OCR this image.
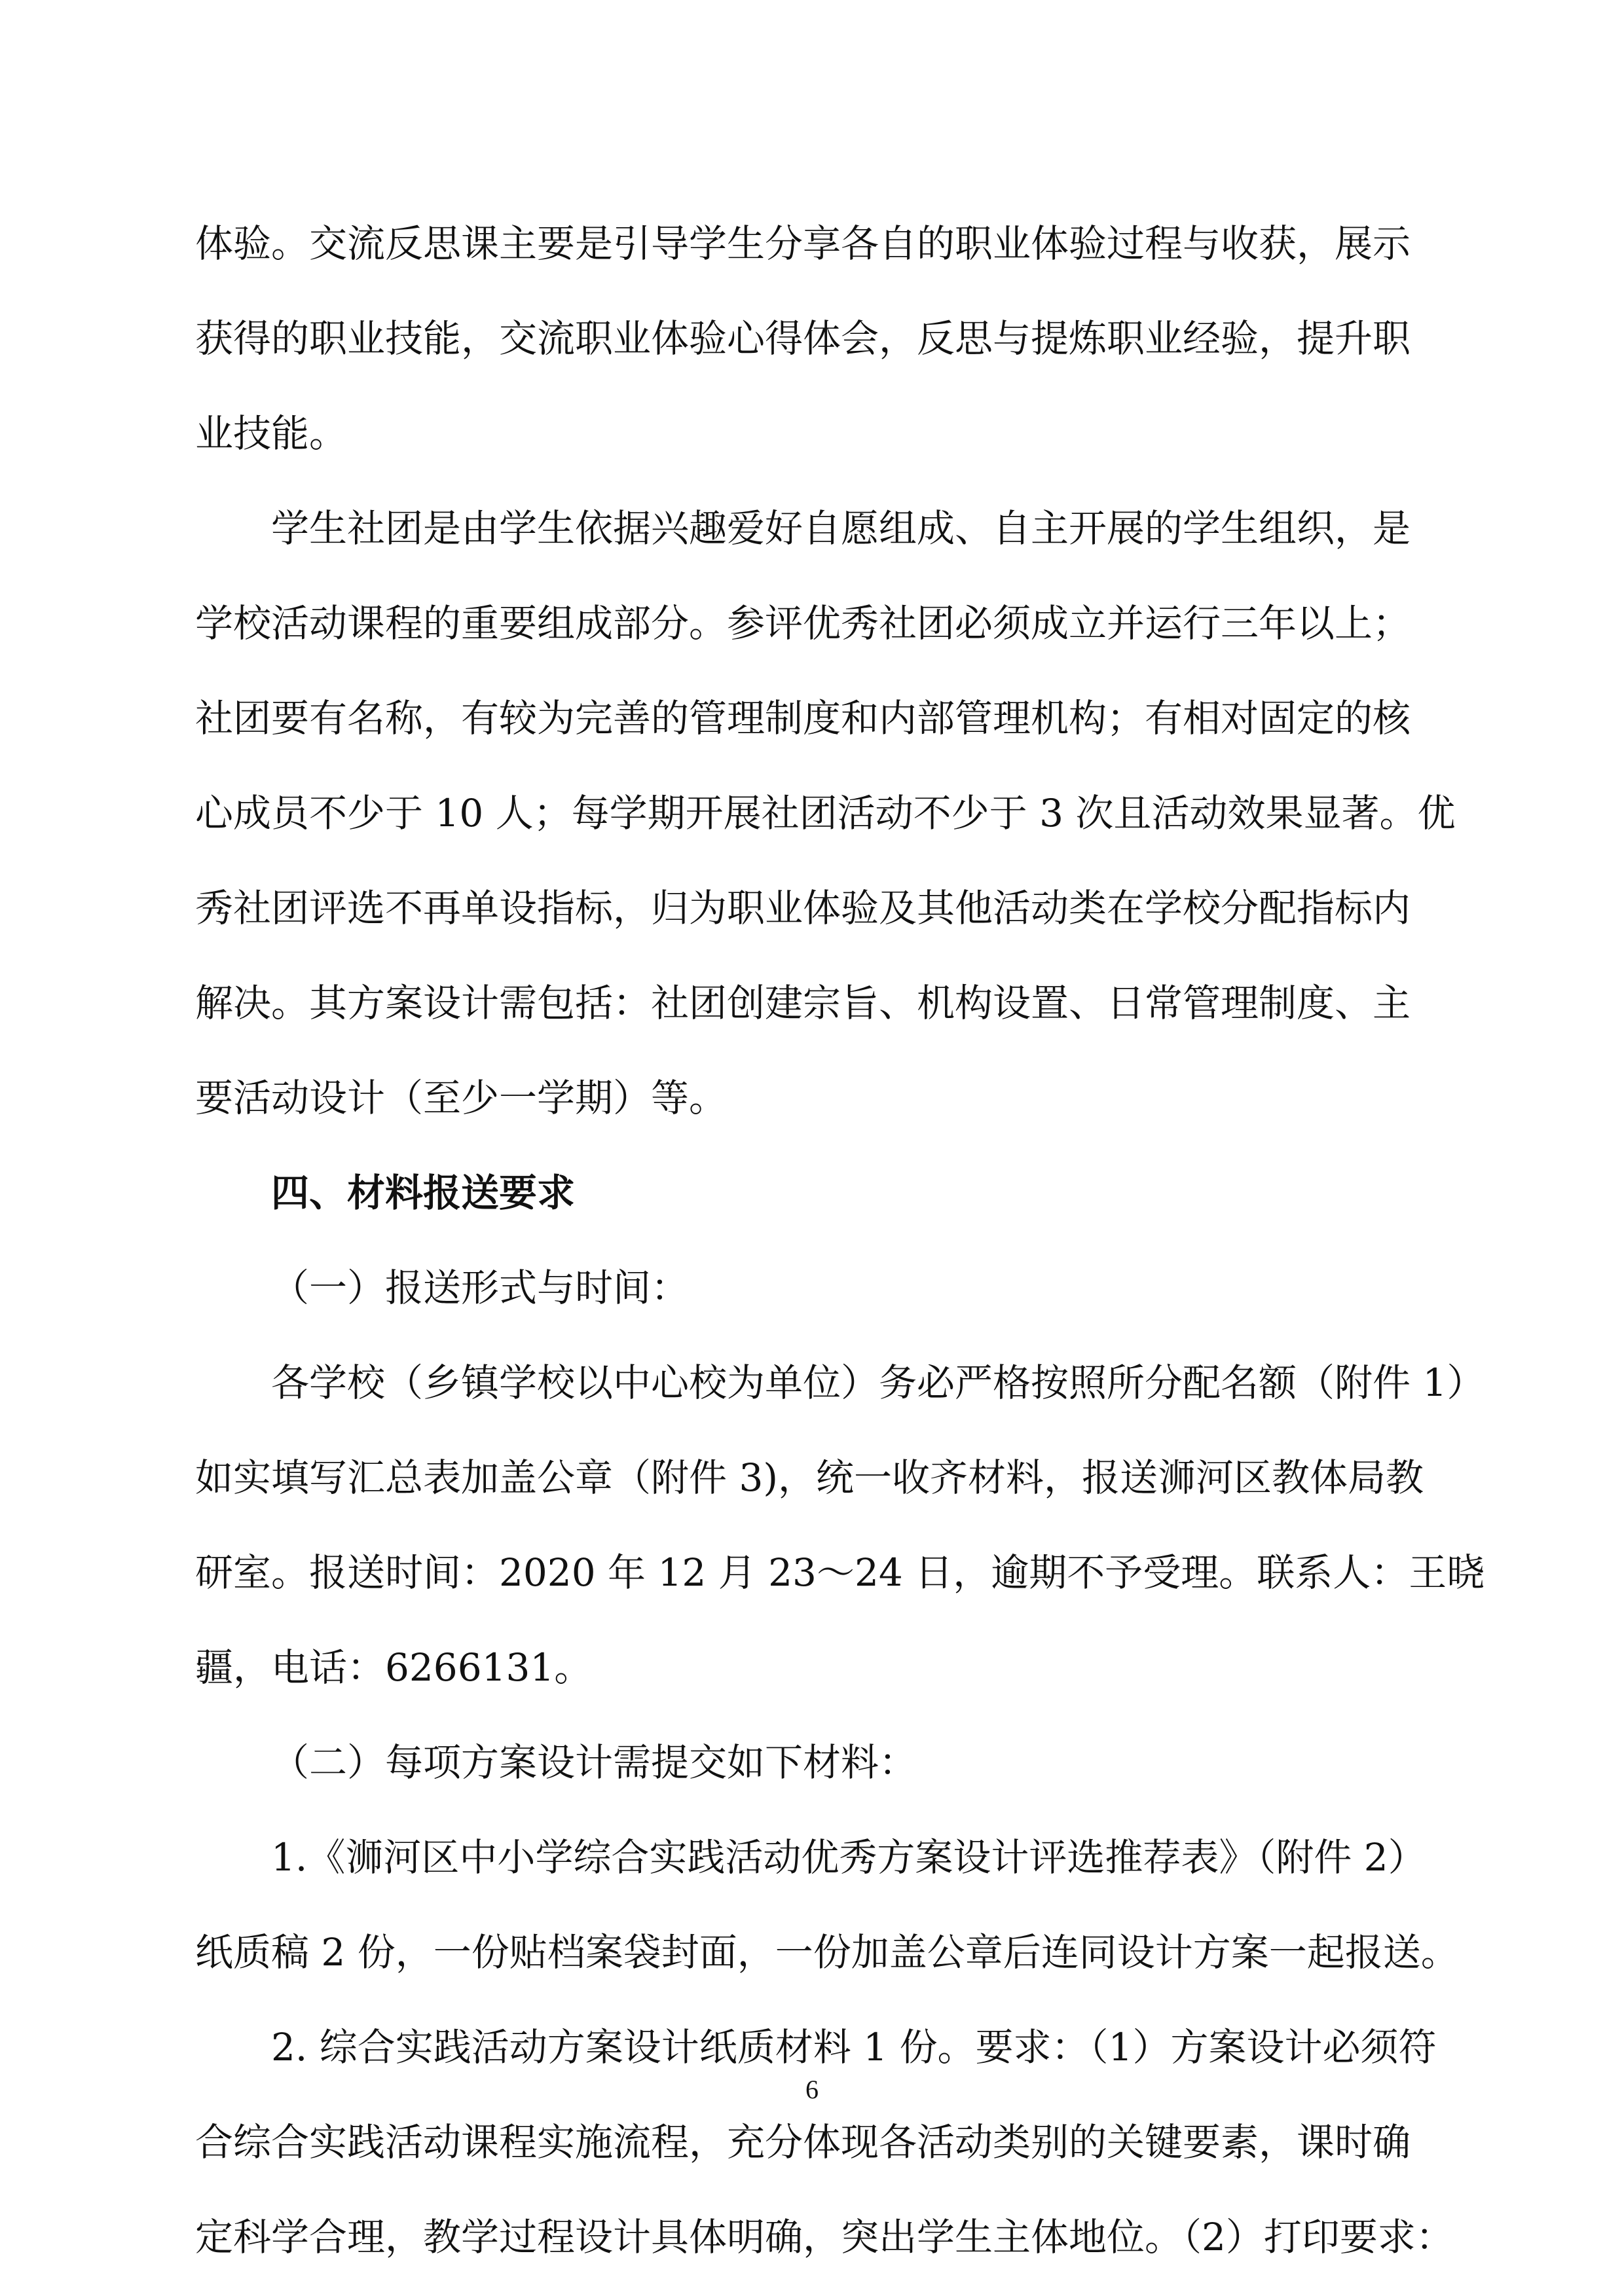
体验。交流反思课主要是引导学生分享各自的职业体验过程与收获，展示
获得的职业技能，交流职业体验心得体会，反思与提炼职业经验，提升职
业技能。
学生社团是由学生依据兴趣爱好自愿组成、自主开展的学生组织，是
学校活动课程的重要组成部分。参评优秀社团必须成立并运行三年以上；
社团要有名称，有较为完善的管理制度和内部管理机构；有相对固定的核
心成员不少于 10 人；每学期开展社团活动不少于 3 次且活动效果显著。优
秀社团评选不再单设指标，归为职业体验及其他活动类在学校分配指标内
解决。其方案设计需包括：社团创建宗旨、机构设置、日常管理制度、主
要活动设计（至少一学期）等。
四、材料报送要求
（一）报送形式与时间：
各学校（乡镇学校以中心校为单位）务必严格按照所分配名额（附件 1）
如实填写汇总表加盖公章（附件 3)，统一收齐材料，报送浉河区教体局教
研室。报送时间：2020 年 12 月 23～24 日，逾期不予受理。联系人：王晓
疆，电话：6266131。
（二）每项方案设计需提交如下材料：
1.《浉河区中小学综合实践活动优秀方案设计评选推荐表》（附件 2）
纸质稿 2 份，一份贴档案袋封面，一份加盖公章后连同设计方案一起报送。
2. 综合实践活动方案设计纸质材料 1 份。要求：（1）方案设计必须符
合综合实践活动课程实施流程，充分体现各活动类别的关键要素，课时确
定科学合理，教学过程设计具体明确，突出学生主体地位。（2）打印要求：
6
